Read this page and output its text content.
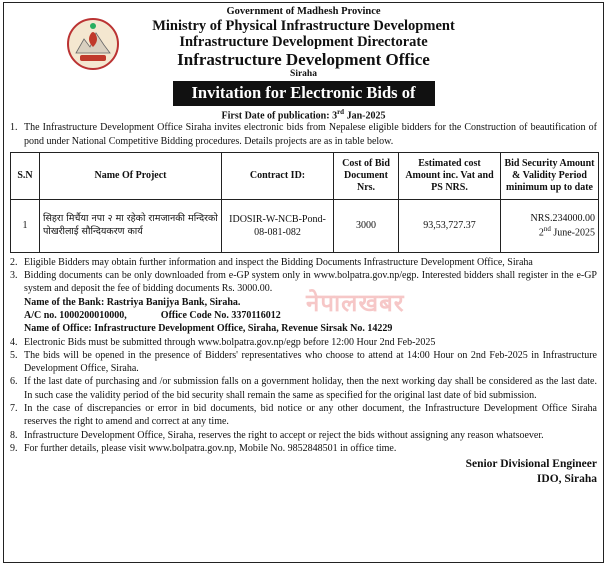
Government of Madhesh Province
Ministry of Physical Infrastructure Development
Infrastructure Development Directorate
Infrastructure Development Office
Siraha
Invitation for Electronic Bids of
First Date of publication: 3rd Jan-2025
1. The Infrastructure Development Office Siraha invites electronic bids from Nepalese eligible bidders for the Construction of beautification of pond under National Competitive Bidding procedures. Details projects are as in table below.
S.N	Name Of Project	Contract ID:	Cost of Bid Document Nrs.	Estimated cost Amount inc. Vat and PS NRS.	Bid Security Amount & Validity Period minimum up to date
1	सिहरा मिर्चैया नपा २ मा रहेको रामजानकी मन्दिरको पोखरीलाई सौन्दियकरण कार्य	IDOSIR-W-NCB-Pond-08-081-082	3000	93,53,727.37	NRS.234000.00
2nd June-2025
2. Eligible Bidders may obtain further information and inspect the Bidding Documents Infrastructure Development Office, Siraha
3. Bidding documents can be only downloaded from e-GP system only in www.bolpatra.gov.np/egp. Interested bidders shall register in the e-GP system and deposit the fee of bidding documents Rs. 3000.00.
Name of the Bank: Rastriya Banijya Bank, Siraha.
A/C no. 1000200010000,	Office Code No. 3370116012
Name of Office: Infrastructure Development Office, Siraha, Revenue Sirsak No. 14229
4. Electronic Bids must be submitted through www.bolpatra.gov.np/egp before 12:00 Hour 2nd Feb-2025
5. The bids will be opened in the presence of Bidders' representatives who choose to attend at 14:00 Hour on 2nd Feb-2025 in Infrastructure Development Office, Siraha.
6. If the last date of purchasing and /or submission falls on a government holiday, then the next working day shall be considered as the last date. In such case the validity period of the bid security shall remain the same as specified for the original last date of bid submission.
7. In the case of discrepancies or error in bid documents, bid notice or any other document, the Infrastructure Development Office Siraha reserves the right to amend and correct at any time.
8. Infrastructure Development Office, Siraha, reserves the right to accept or reject the bids without assigning any reason whatsoever.
9. For further details, please visit www.bolpatra.gov.np, Mobile No. 9852848501 in office time.
Senior Divisional Engineer
IDO, Siraha
नेपालखबर
